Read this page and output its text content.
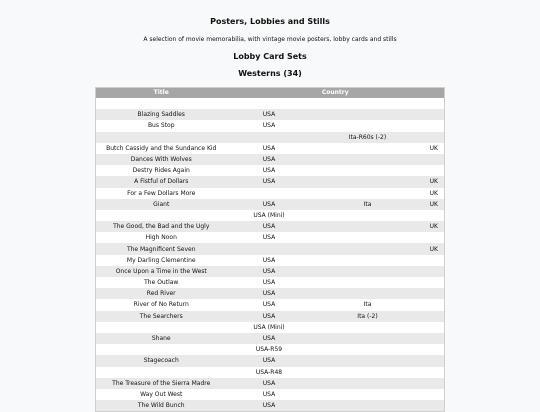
Posters, Lobbies and Stills

A selection of movie memorabilia, with vintage movie posters, lobby cards and stills

Lobby Card Sets
Westerns (34)
Title	Country		

Blazing Saddles	USA		
Bus Stop	USA		
		Ita-R60s (-2)	
Butch Cassidy and the Sundance Kid	USA		UK
Dances With Wolves	USA		
Destry Rides Again	USA		
A Fistful of Dollars	USA		UK
For a Few Dollars More			UK
Giant	USA	Ita	UK
	USA (Mini)		
The Good, the Bad and the Ugly	USA		UK
High Noon	USA		
The Magnificent Seven			UK
My Darling Clementine	USA		
Once Upon a Time in the West	USA		
The Outlaw	USA		
Red River	USA		
River of No Return	USA	Ita	
The Searchers	USA	Ita (-2)	
	USA (Mini)		
Shane	USA		
	USA-R59		
Stagecoach	USA		
	USA-R48		
The Treasure of the Sierra Madre	USA		
Way Out West	USA		
The Wild Bunch	USA		
